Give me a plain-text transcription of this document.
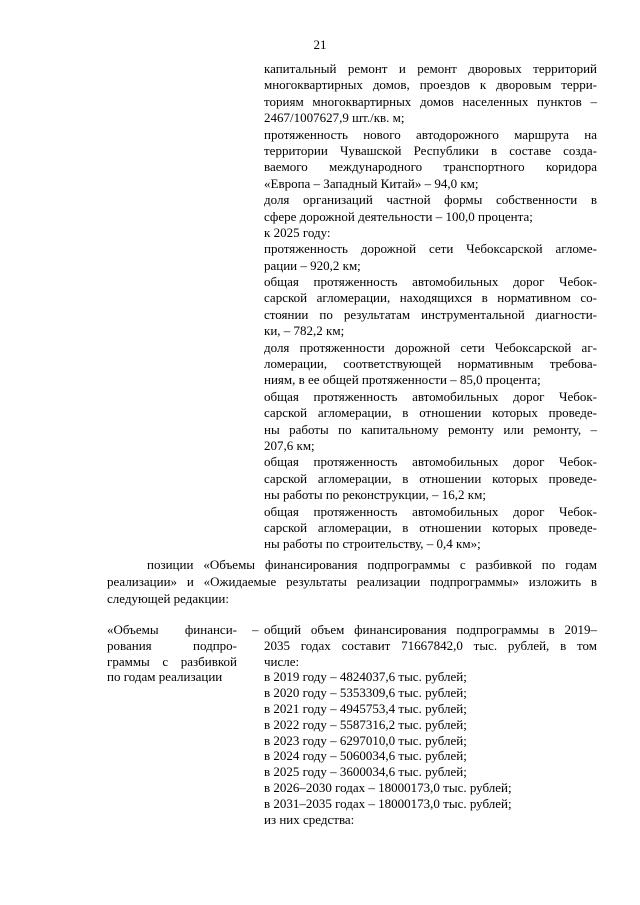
21
капитальный ремонт и ремонт дворовых территорий
многоквартирных домов, проездов к дворовым терри-
ториям многоквартирных домов населенных пунктов –
2467/1007627,9 шт./кв. м;
протяженность нового автодорожного маршрута на
территории Чувашской Республики в составе созда-
ваемого международного транспортного коридора
«Европа – Западный Китай» – 94,0 км;
доля организаций частной формы собственности в
сфере дорожной деятельности – 100,0 процента;
к 2025 году:
протяженность дорожной сети Чебоксарской агломе-
рации – 920,2 км;
общая протяженность автомобильных дорог Чебок-
сарской агломерации, находящихся в нормативном со-
стоянии по результатам инструментальной диагности-
ки, – 782,2 км;
доля протяженности дорожной сети Чебоксарской аг-
ломерации, соответствующей нормативным требова-
ниям, в ее общей протяженности – 85,0 процента;
общая протяженность автомобильных дорог Чебок-
сарской агломерации, в отношении которых проведе-
ны работы по капитальному ремонту или ремонту, –
207,6 км;
общая протяженность автомобильных дорог Чебок-
сарской агломерации, в отношении которых проведе-
ны работы по реконструкции, – 16,2 км;
общая протяженность автомобильных дорог Чебок-
сарской агломерации, в отношении которых проведе-
ны работы по строительству, – 0,4 км»;
позиции «Объемы финансирования подпрограммы с разбивкой по годам
реализации» и «Ожидаемые результаты реализации подпрограммы» изложить в
следующей редакции:
«Объемы финанси-
рования подпро-
граммы с разбивкой
по годам реализации
– общий объем финансирования подпрограммы в 2019–
2035 годах составит 71667842,0 тыс. рублей, в том
числе:
в 2019 году – 4824037,6 тыс. рублей;
в 2020 году – 5353309,6 тыс. рублей;
в 2021 году – 4945753,4 тыс. рублей;
в 2022 году – 5587316,2 тыс. рублей;
в 2023 году – 6297010,0 тыс. рублей;
в 2024 году – 5060034,6 тыс. рублей;
в 2025 году – 3600034,6 тыс. рублей;
в 2026–2030 годах – 18000173,0 тыс. рублей;
в 2031–2035 годах – 18000173,0 тыс. рублей;
из них средства:
